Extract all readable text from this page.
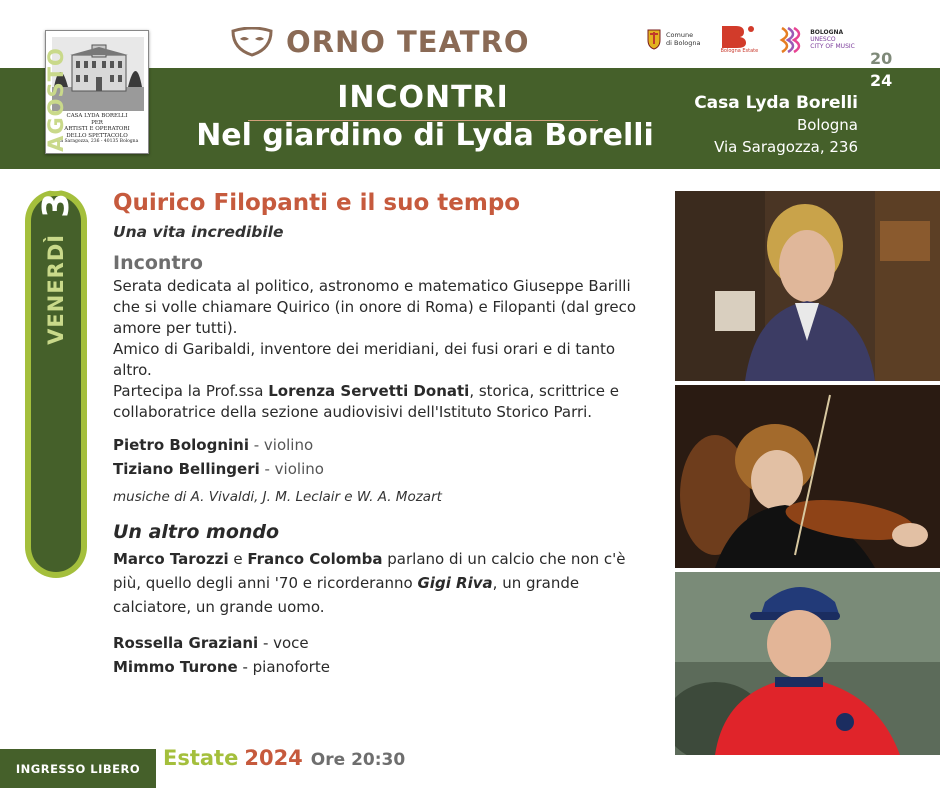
ORNO TEATRO	Comune
di Bologna
Bologna Estate
BOLOGNA
UNESCO
CITY OF MUSIC
INCONTRI
Nel giardino di Lyda Borelli
Casa Lyda Borelli
Bologna
Via Saragozza, 236
20
24
CASA LYDA BORELLI
PER
ARTISTI E OPERATORI
DELLO SPETTACOLO
Via Saragozza, 236 - 40135 Bologna
VENERDÌ
30
AGOSTO
Quirico Filopanti e il suo tempo
Una vita incredibile
Incontro

Serata dedicata al politico, astronomo e matematico Giuseppe Barilli che si volle chiamare Quirico (in onore di Roma) e Filopanti (dal greco amore per tutti).

Amico di Garibaldi, inventore dei meridiani, dei fusi orari e di tanto altro.

Partecipa la Prof.ssa Lorenza Servetti Donati, storica, scrittrice e collaboratrice della sezione audiovisivi dell'Istituto Storico Parri.

Pietro Bolognini - violino
Tiziano Bellingeri - violino
musiche di A. Vivaldi, J. M. Leclair e W. A. Mozart
Un altro mondo
Marco Tarozzi e Franco Colomba parlano di un calcio che non c'è più, quello degli anni '70 e ricorderanno Gigi Riva, un grande calciatore, un grande uomo.
Rossella Graziani - voce
Mimmo Turone - pianoforte
INGRESSO LIBERO	Estate 2024 Ore 20:30
